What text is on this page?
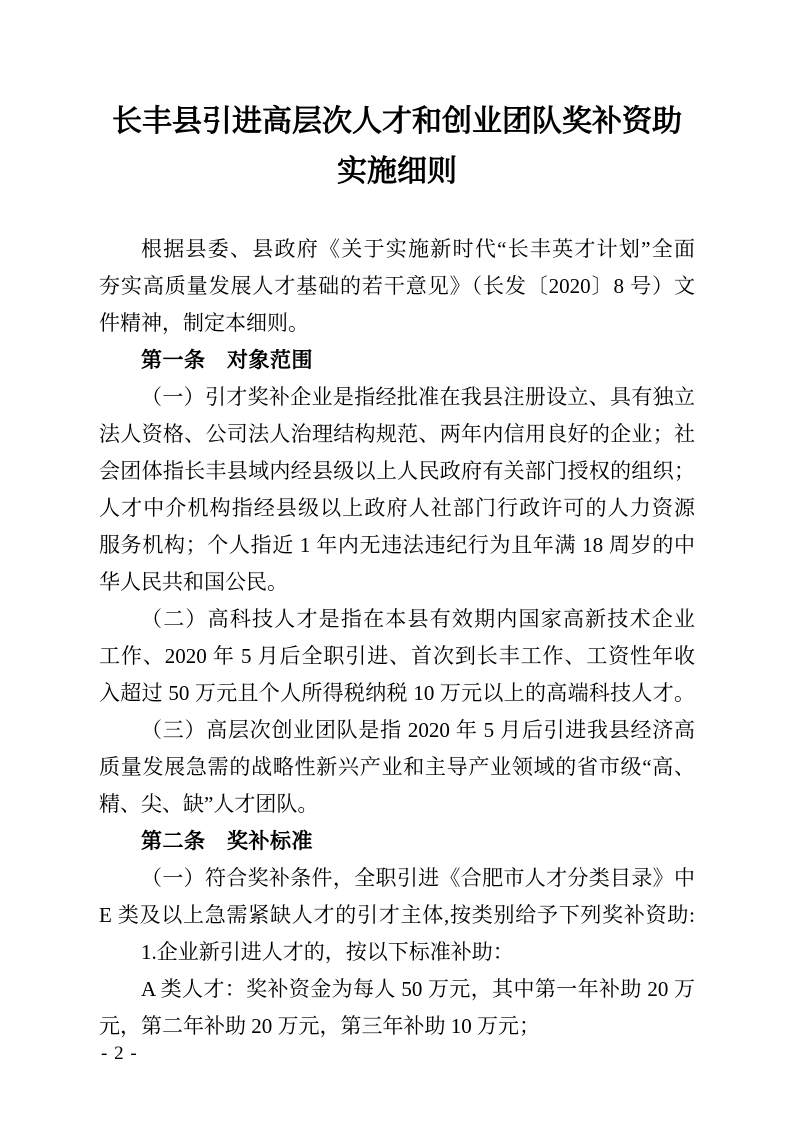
长丰县引进高层次人才和创业团队奖补资助
实施细则
根据县委、县政府《关于实施新时代“长丰英才计划”全面
夯实高质量发展人才基础的若干意见》（长发〔2020〕8 号）文
件精神，制定本细则。
第一条　对象范围
（一）引才奖补企业是指经批准在我县注册设立、具有独立
法人资格、公司法人治理结构规范、两年内信用良好的企业；社
会团体指长丰县域内经县级以上人民政府有关部门授权的组织；
人才中介机构指经县级以上政府人社部门行政许可的人力资源
服务机构；个人指近 1 年内无违法违纪行为且年满 18 周岁的中
华人民共和国公民。
（二）高科技人才是指在本县有效期内国家高新技术企业
工作、2020 年 5 月后全职引进、首次到长丰工作、工资性年收
入超过 50 万元且个人所得税纳税 10 万元以上的高端科技人才。
（三）高层次创业团队是指 2020 年 5 月后引进我县经济高
质量发展急需的战略性新兴产业和主导产业领域的省市级“高、
精、尖、缺”人才团队。
第二条　奖补标准
（一）符合奖补条件，全职引进《合肥市人才分类目录》中
E 类及以上急需紧缺人才的引才主体,按类别给予下列奖补资助:
1.企业新引进人才的，按以下标准补助：
A 类人才：奖补资金为每人 50 万元，其中第一年补助 20 万
元，第二年补助 20 万元，第三年补助 10 万元；
- 2 -
